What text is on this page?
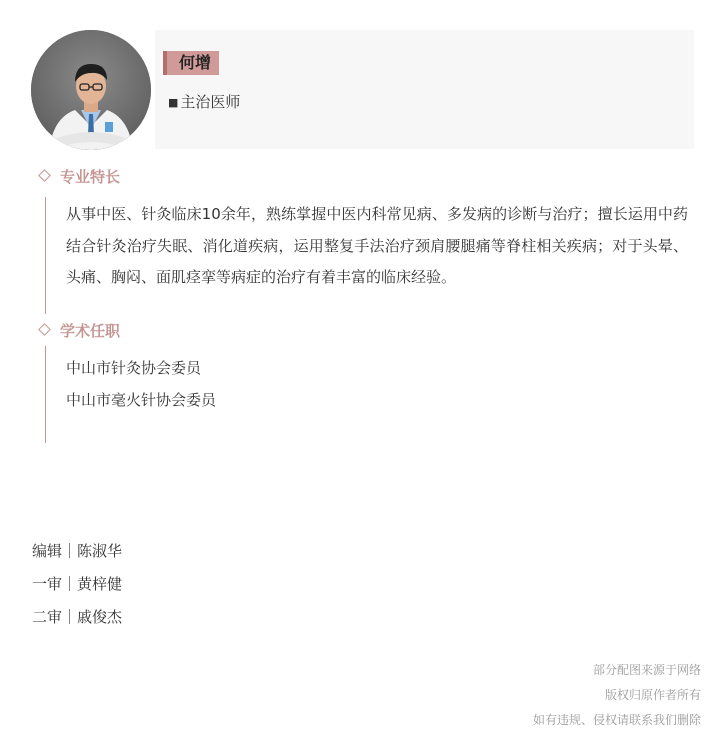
何增
■ 主治医师
专业特长

从事中医、针灸临床10余年，熟练掌握中医内科常见病、多发病的诊断与治疗；擅长运用中药结合针灸治疗失眠、消化道疾病，运用整复手法治疗颈肩腰腿痛等脊柱相关疾病；对于头晕、头痛、胸闷、面肌痉挛等病症的治疗有着丰富的临床经验。

学术任职
中山市针灸协会委员
中山市毫火针协会委员
编辑｜陈淑华
一审｜黄梓健
二审｜戚俊杰
部分配图来源于网络
版权归原作者所有
如有违规、侵权请联系我们删除
